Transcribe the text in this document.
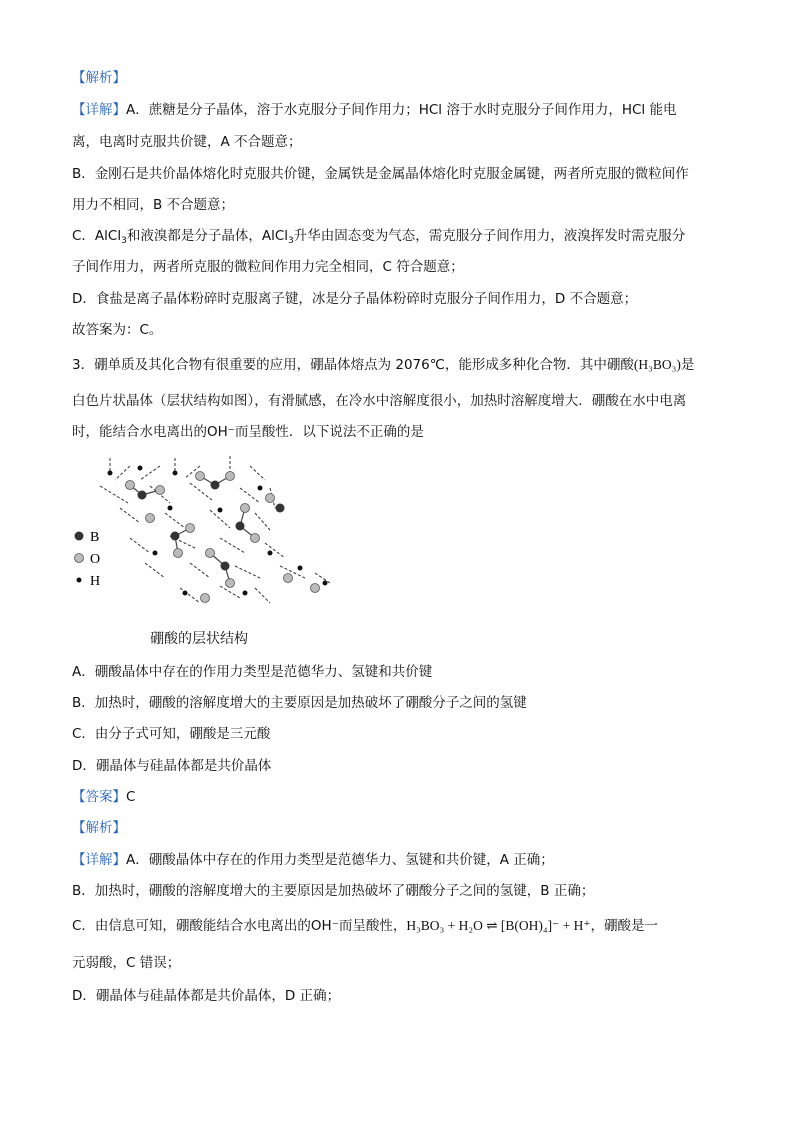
【解析】
【详解】A．蔗糖是分子晶体，溶于水克服分子间作用力；HCl 溶于水时克服分子间作用力，HCl 能电
离，电离时克服共价键，A 不合题意；
B．金刚石是共价晶体熔化时克服共价键，金属铁是金属晶体熔化时克服金属键，两者所克服的微粒间作
用力不相同，B 不合题意；
C．AlCl$_3$和液溴都是分子晶体，AlCl$_3$升华由固态变为气态，需克服分子间作用力，液溴挥发时需克服分
子间作用力，两者所克服的微粒间作用力完全相同，C 符合题意；
D．食盐是离子晶体粉碎时克服离子键，冰是分子晶体粉碎时克服分子间作用力，D 不合题意；
故答案为：C。
3．硼单质及其化合物有很重要的应用，硼晶体熔点为 2076℃，能形成多种化合物．其中硼酸(H₃BO₃)是
白色片状晶体（层状结构如图），有滑腻感，在冷水中溶解度很小，加热时溶解度增大．硼酸在水中电离
时，能结合水电离出的OH⁻而呈酸性．以下说法不正确的是
B
O
H
硼酸的层状结构
A．硼酸晶体中存在的作用力类型是范德华力、氢键和共价键
B．加热时，硼酸的溶解度增大的主要原因是加热破坏了硼酸分子之间的氢键
C．由分子式可知，硼酸是三元酸
D．硼晶体与硅晶体都是共价晶体
【答案】C
【解析】
【详解】A．硼酸晶体中存在的作用力类型是范德华力、氢键和共价键，A 正确；
B．加热时，硼酸的溶解度增大的主要原因是加热破坏了硼酸分子之间的氢键，B 正确；
C．由信息可知，硼酸能结合水电离出的OH⁻而呈酸性，H₃BO₃ + H₂O ⇌ [B(OH)₄]⁻ + H⁺，硼酸是一
元弱酸，C 错误；
D．硼晶体与硅晶体都是共价晶体，D 正确；
